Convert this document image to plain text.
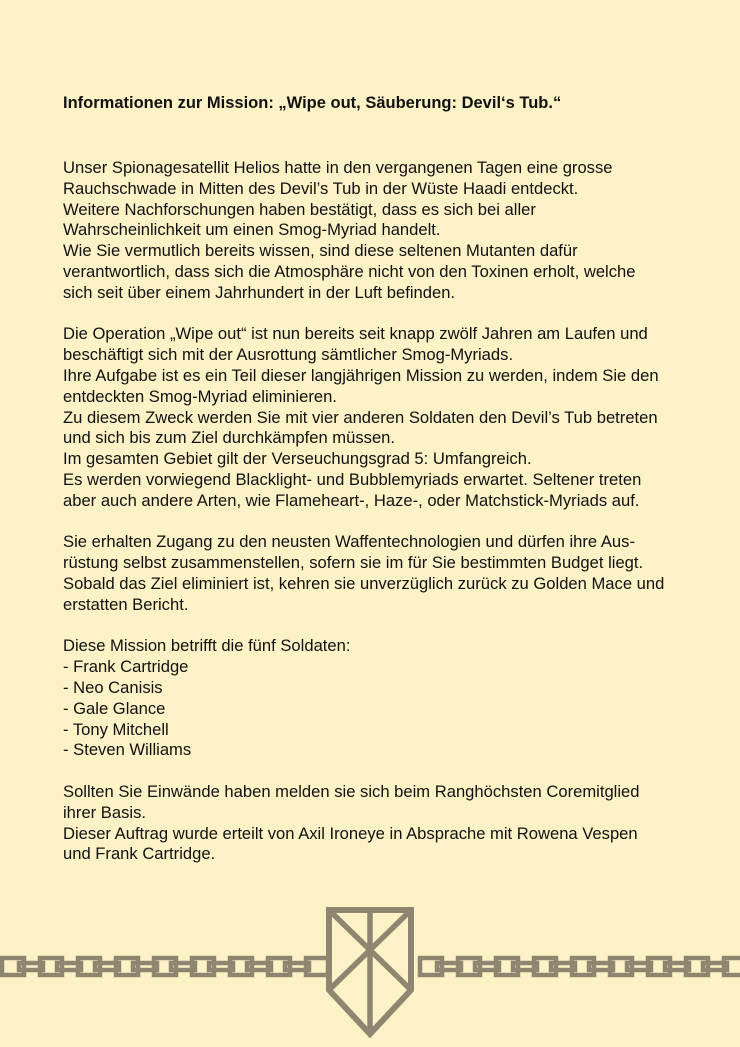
Informationen zur Mission: „Wipe out, Säuberung: Devil‘s Tub.“

Unser Spionagesatellit Helios hatte in den vergangenen Tagen eine grosse
Rauchschwade in Mitten des Devil’s Tub in der Wüste Haadi entdeckt.
Weitere Nachforschungen haben bestätigt, dass es sich bei aller
Wahrscheinlichkeit um einen Smog-Myriad handelt.
Wie Sie vermutlich bereits wissen, sind diese seltenen Mutanten dafür
verantwortlich, dass sich die Atmosphäre nicht von den Toxinen erholt, welche
sich seit über einem Jahrhundert in der Luft befinden.
Die Operation „Wipe out“ ist nun bereits seit knapp zwölf Jahren am Laufen und
beschäftigt sich mit der Ausrottung sämtlicher Smog-Myriads.
Ihre Aufgabe ist es ein Teil dieser langjährigen Mission zu werden, indem Sie den
entdeckten Smog-Myriad eliminieren.
Zu diesem Zweck werden Sie mit vier anderen Soldaten den Devil’s Tub betreten
und sich bis zum Ziel durchkämpfen müssen.
Im gesamten Gebiet gilt der Verseuchungsgrad 5: Umfangreich.
Es werden vorwiegend Blacklight- und Bubblemyriads erwartet. Seltener treten
aber auch andere Arten, wie Flameheart-, Haze-, oder Matchstick-Myriads auf.
Sie erhalten Zugang zu den neusten Waffentechnologien und dürfen ihre Aus-
rüstung selbst zusammenstellen, sofern sie im für Sie bestimmten Budget liegt.
Sobald das Ziel eliminiert ist, kehren sie unverzüglich zurück zu Golden Mace und
erstatten Bericht.
Diese Mission betrifft die fünf Soldaten:
- Frank Cartridge
- Neo Canisis
- Gale Glance
- Tony Mitchell
- Steven Williams
Sollten Sie Einwände haben melden sie sich beim Ranghöchsten Coremitglied
ihrer Basis.
Dieser Auftrag wurde erteilt von Axil Ironeye in Absprache mit Rowena Vespen
und Frank Cartridge.
